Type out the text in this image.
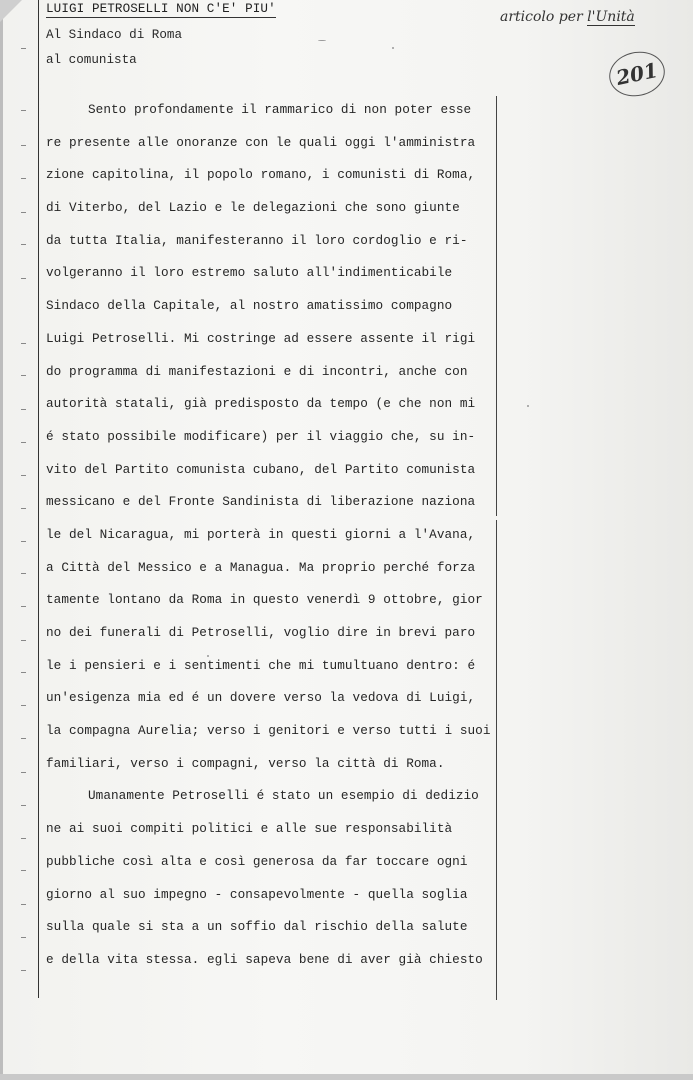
LUIGI PETROSELLI NON C'E' PIU'
Al Sindaco di Roma
al comunista
Sento profondamente il rammarico di non poter esse
re presente alle onoranze con le quali oggi l'amministra
zione capitolina, il popolo romano, i comunisti di Roma,
di Viterbo, del Lazio e le delegazioni che sono giunte
da tutta Italia, manifesteranno il loro cordoglio e ri-
volgeranno il loro estremo saluto all'indimenticabile
Sindaco della Capitale, al nostro amatissimo compagno
Luigi Petroselli. Mi costringe ad essere assente il rigi
do programma di manifestazioni e di incontri, anche con
autorità statali, già predisposto da tempo (e che non mi
é stato possibile modificare) per il viaggio che, su in-
vito del Partito comunista cubano, del Partito comunista
messicano e del Fronte Sandinista di liberazione naziona
le del Nicaragua, mi porterà in questi giorni a l'Avana,
a Città del Messico e a Managua. Ma proprio perché forza
tamente lontano da Roma in questo venerdì 9 ottobre, gior
no dei funerali di Petroselli, voglio dire in brevi paro
le i pensieri e i sentimenti che mi tumultuano dentro: é
un'esigenza mia ed é un dovere verso la vedova di Luigi,
la compagna Aurelia; verso i genitori e verso tutti i suoi
familiari, verso i compagni, verso la città di Roma.
Umanamente Petroselli é stato un esempio di dedizio
ne ai suoi compiti politici e alle sue responsabilità
pubbliche così alta e così generosa da far toccare ogni
giorno al suo impegno - consapevolmente - quella soglia
sulla quale si sta a un soffio dal rischio della salute
e della vita stessa. egli sapeva bene di aver già chiesto
articolo per l'Unità
201
